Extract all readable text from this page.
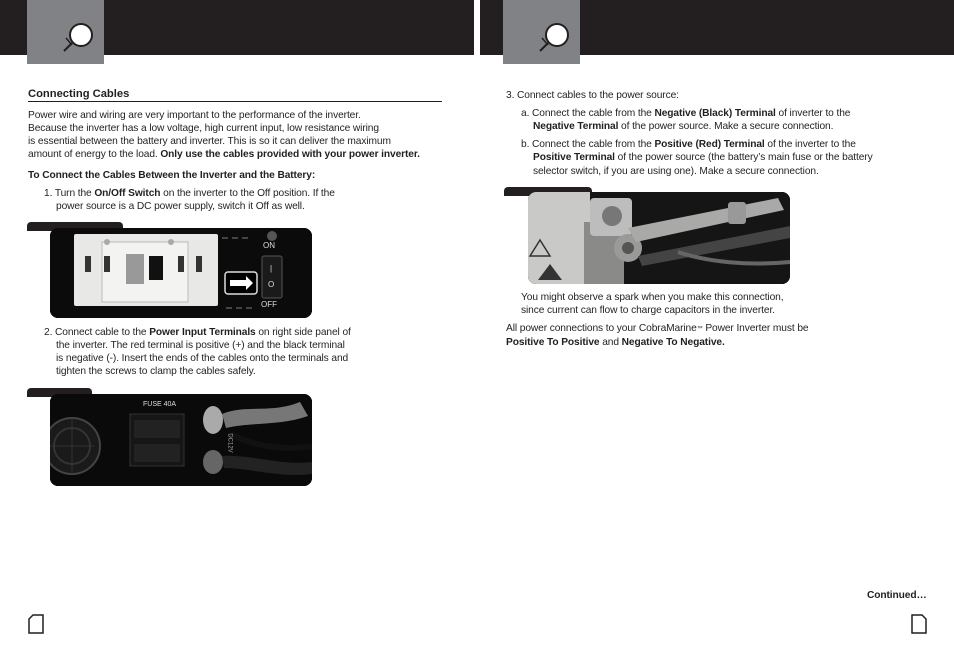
Connecting Cables
Power wire and wiring are very important to the performance of the inverter.
Because the inverter has a low voltage, high current input, low resistance wiring
is essential between the battery and inverter. This is so it can deliver the maximum
amount of energy to the load. Only use the cables provided with your power inverter.
To Connect the Cables Between the Inverter and the Battery:
1. Turn the On/Off Switch on the inverter to the Off position. If the
power source is a DC power supply, switch it Off as well.
ON
|
O
OFF
2. Connect cable to the Power Input Terminals on right side panel of
the inverter. The red terminal is positive (+) and the black terminal
is negative (-). Insert the ends of the cables onto the terminals and
tighten the screws to clamp the cables safely.
FUSE 40A
DC12V
3. Connect cables to the power source:
a. Connect the cable from the Negative (Black) Terminal of inverter to the
Negative Terminal of the power source. Make a secure connection.
b. Connect the cable from the Positive (Red) Terminal of the inverter to the
Positive Terminal of the power source (the battery’s main fuse or the battery
selector switch, if you are using one). Make a secure connection.
You might observe a spark when you make this connection,
since current can flow to charge capacitors in the inverter.
All power connections to your CobraMarine™ Power Inverter must be
Positive To Positive and Negative To Negative.
Continued…
